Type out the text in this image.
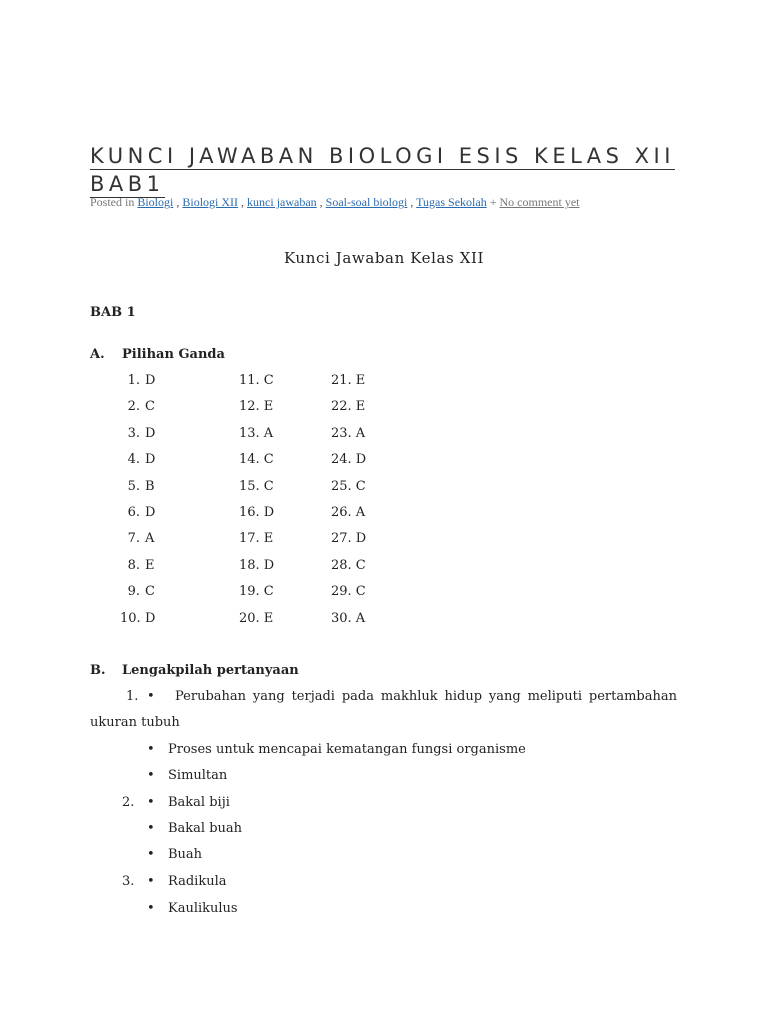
KUNCI JAWABAN BIOLOGI ESIS KELAS XII
BAB1
Posted in Biologi , Biologi XII , kunci jawaban , Soal-soal biologi , Tugas Sekolah + No comment yet
Kunci Jawaban Kelas XII
BAB 1
A. Pilihan Ganda
1. D	11. C	21. E
2. C	12. E	22. E
3. D	13. A	23. A
4. D	14. C	24. D
5. B	15. C	25. C
6. D	16. D	26. A
7. A	17. E	27. D
8. E	18. D	28. C
9. C	19. C	29. C
10. D	20. E	30. A
B. Lengakpilah pertanyaan
1. • Perubahan yang terjadi pada makhluk hidup yang meliputi pertambahan
ukuran tubuh
• Proses untuk mencapai kematangan fungsi organisme
• Simultan
2. • Bakal biji
• Bakal buah
• Buah
3. • Radikula
• Kaulikulus
